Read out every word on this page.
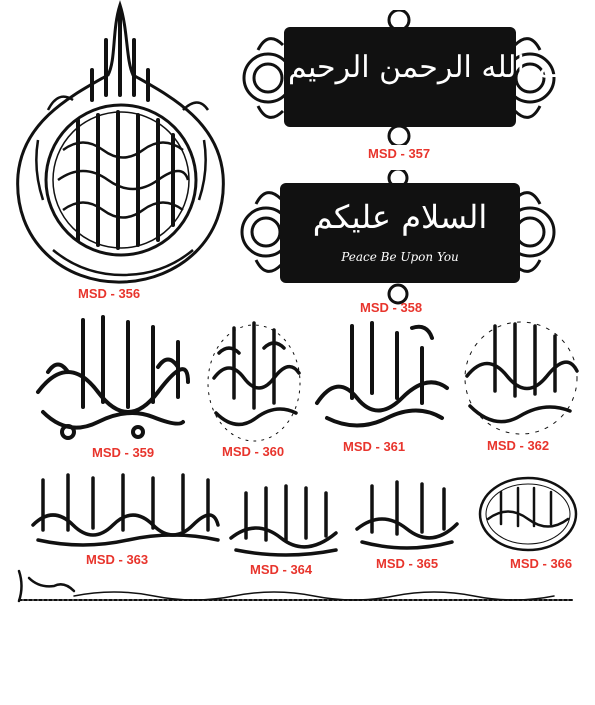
MSD - 356
بسم الله الرحمن الرحيم
MSD - 357
السلام عليكم
Peace Be Upon You
MSD - 358
MSD - 359	MSD - 360	MSD - 361	MSD - 362
MSD - 363
MSD - 364	MSD - 365	MSD - 366
